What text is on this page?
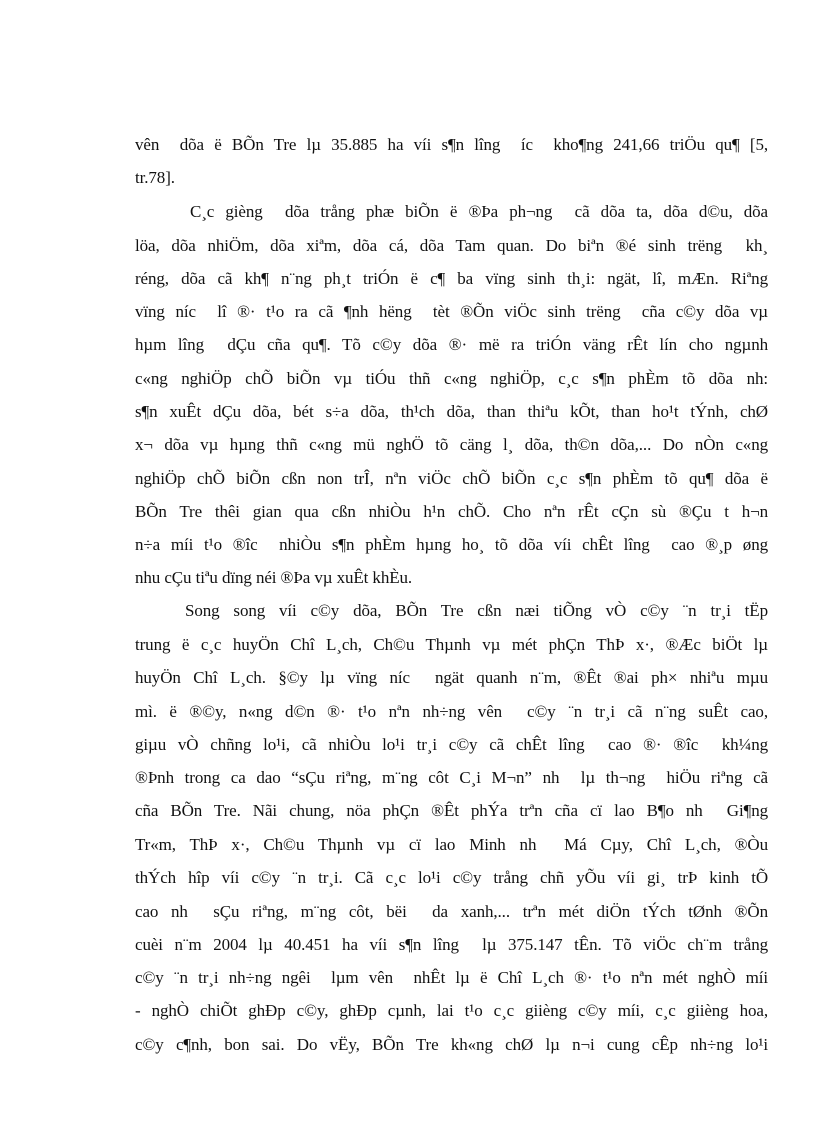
vên  dõa ë BÕn Tre lµ 35.885 ha víi s¶n lîng  íc  kho¶ng 241,66 triÖu qu¶ [5,
tr.78].
C¸c gièng  dõa trång phæ biÕn ë ®Þa ph¬ng  cã dõa ta, dõa d©u, dõa
löa, dõa nhiÖm, dõa xiªm, dõa cá, dõa Tam quan. Do biªn ®é sinh trëng  kh¸
réng, dõa cã kh¶ n¨ng ph¸t triÓn ë c¶ ba vïng sinh th¸i: ngät, lî, mÆn. Riªng
vïng níc  lî ®· t¹o ra cã ¶nh hëng  tèt ®Õn viÖc sinh trëng  cña c©y dõa vµ
hµm lîng  dÇu cña qu¶. Tõ c©y dõa ®· më ra triÓn väng rÊt lín cho ngµnh
c«ng nghiÖp chÕ biÕn vµ tiÓu thñ c«ng nghiÖp, c¸c s¶n phÈm tõ dõa nh:
s¶n xuÊt dÇu dõa, bét s÷a dõa, th¹ch dõa, than thiªu kÕt, than ho¹t tÝnh, chØ
x¬ dõa vµ hµng thñ c«ng mü nghÖ tõ cäng l¸ dõa, th©n dõa,... Do nÒn c«ng
nghiÖp chÕ biÕn cßn non trÎ, nªn viÖc chÕ biÕn c¸c s¶n phÈm tõ qu¶ dõa ë
BÕn Tre thêi gian qua cßn nhiÒu h¹n chÕ. Cho nªn rÊt cÇn sù ®Çu t h¬n
n÷a míi t¹o ®îc  nhiÒu s¶n phÈm hµng ho¸ tõ dõa víi chÊt lîng  cao ®¸p øng
nhu cÇu tiªu dïng néi ®Þa vµ xuÊt khÈu.
Song song víi c©y dõa, BÕn Tre cßn næi tiÕng vÒ c©y ¨n tr¸i tËp
trung ë c¸c huyÖn Chî L¸ch, Ch©u Thµnh vµ mét phÇn ThÞ x·, ®Æc biÖt lµ
huyÖn Chî L¸ch. §©y lµ vïng níc  ngät quanh n¨m, ®Êt ®ai ph× nhiªu mµu
mì. ë ®©y, n«ng d©n ®· t¹o nªn nh÷ng vên  c©y ¨n tr¸i cã n¨ng suÊt cao,
giµu vÒ chñng lo¹i, cã nhiÒu lo¹i tr¸i c©y cã chÊt lîng  cao ®· ®îc  kh¼ng
®Þnh trong ca dao “sÇu riªng, m¨ng côt C¸i M¬n” nh  lµ th¬ng  hiÖu riªng cã
cña BÕn Tre. Nãi chung, nöa phÇn ®Êt phÝa trªn cña cï lao B¶o nh  Gi¶ng
Tr«m, ThÞ x·, Ch©u Thµnh vµ cï lao Minh nh  Má Cµy, Chî L¸ch, ®Òu
thÝch hîp víi c©y ¨n tr¸i. Cã c¸c lo¹i c©y trång chñ yÕu víi gi¸ trÞ kinh tÕ
cao nh  sÇu riªng, m¨ng côt, bëi  da xanh,... trªn mét diÖn tÝch tØnh ®Õn
cuèi n¨m 2004 lµ 40.451 ha víi s¶n lîng  lµ 375.147 tÊn. Tõ viÖc ch¨m trång
c©y ¨n tr¸i nh÷ng ngêi  lµm vên  nhÊt lµ ë Chî L¸ch ®· t¹o nªn mét nghÒ míi
- nghÒ chiÕt ghÐp c©y, ghÐp cµnh, lai t¹o c¸c giièng c©y míi, c¸c giièng hoa,
c©y c¶nh, bon sai. Do vËy, BÕn Tre kh«ng chØ lµ n¬i cung cÊp nh÷ng lo¹i
